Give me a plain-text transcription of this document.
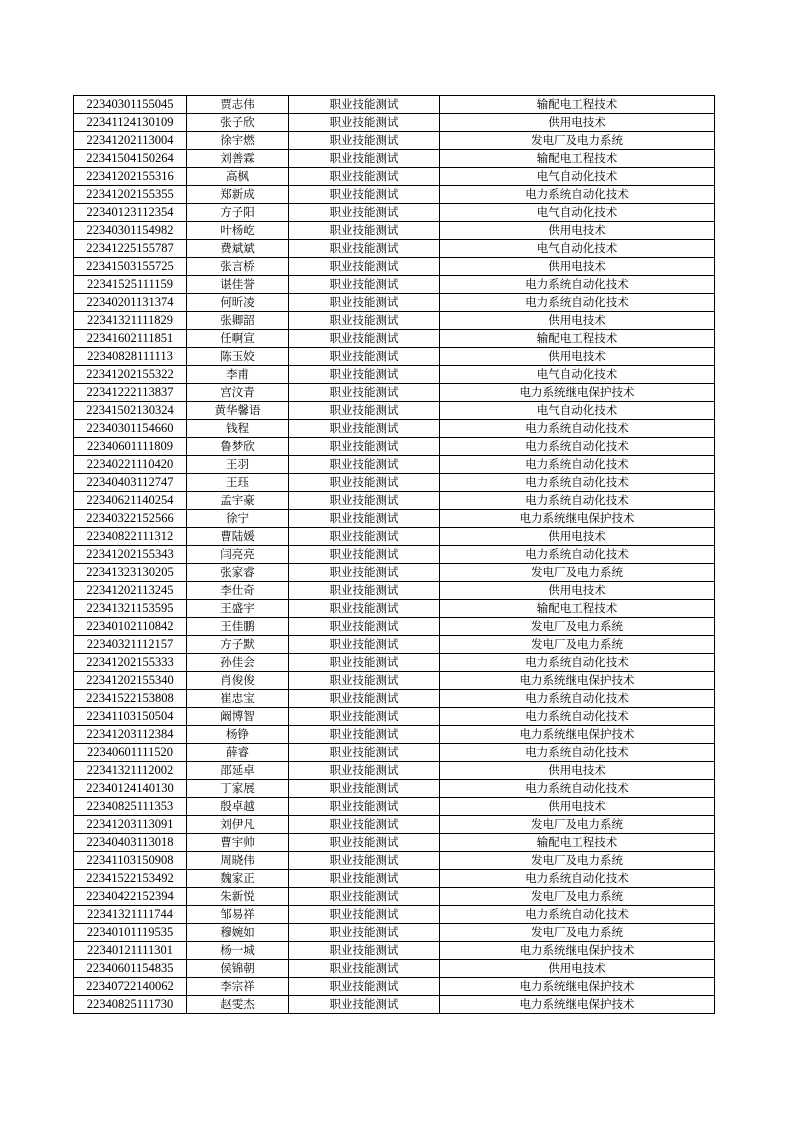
22340301155045	贾志伟	职业技能测试	输配电工程技术
22341124130109	张子欣	职业技能测试	供用电技术
22341202113004	徐宇燃	职业技能测试	发电厂及电力系统
22341504150264	刘善霖	职业技能测试	输配电工程技术
22341202155316	高枫	职业技能测试	电气自动化技术
22341202155355	郑新成	职业技能测试	电力系统自动化技术
22340123112354	方子阳	职业技能测试	电气自动化技术
22340301154982	叶杨屹	职业技能测试	供用电技术
22341225155787	费斌斌	职业技能测试	电气自动化技术
22341503155725	张言桥	职业技能测试	供用电技术
22341525111159	谌佳誉	职业技能测试	电力系统自动化技术
22340201131374	何昕凌	职业技能测试	电力系统自动化技术
22341321111829	张卿韶	职业技能测试	供用电技术
22341602111851	任啊宣	职业技能测试	输配电工程技术
22340828111113	陈玉姣	职业技能测试	供用电技术
22341202155322	李甫	职业技能测试	电气自动化技术
22341222113837	宫汶青	职业技能测试	电力系统继电保护技术
22341502130324	黄华馨语	职业技能测试	电气自动化技术
22340301154660	钱程	职业技能测试	电力系统自动化技术
22340601111809	鲁梦欣	职业技能测试	电力系统自动化技术
22340221110420	王羽	职业技能测试	电力系统自动化技术
22340403112747	王珏	职业技能测试	电力系统自动化技术
22340621140254	孟宇豪	职业技能测试	电力系统自动化技术
22340322152566	徐宁	职业技能测试	电力系统继电保护技术
22340822111312	曹陆媛	职业技能测试	供用电技术
22341202155343	闫亮亮	职业技能测试	电力系统自动化技术
22341323130205	张家睿	职业技能测试	发电厂及电力系统
22341202113245	李仕奇	职业技能测试	供用电技术
22341321153595	王盛宇	职业技能测试	输配电工程技术
22340102110842	王佳鹏	职业技能测试	发电厂及电力系统
22340321112157	方子默	职业技能测试	发电厂及电力系统
22341202155333	孙佳会	职业技能测试	电力系统自动化技术
22341202155340	肖俊俊	职业技能测试	电力系统继电保护技术
22341522153808	崔忠宝	职业技能测试	电力系统自动化技术
22341103150504	阚博智	职业技能测试	电力系统自动化技术
22341203112384	杨铮	职业技能测试	电力系统继电保护技术
22340601111520	薛睿	职业技能测试	电力系统自动化技术
22341321112002	邵延卓	职业技能测试	供用电技术
22340124140130	丁家展	职业技能测试	电力系统自动化技术
22340825111353	殷卓越	职业技能测试	供用电技术
22341203113091	刘伊凡	职业技能测试	发电厂及电力系统
22340403113018	曹宇帅	职业技能测试	输配电工程技术
22341103150908	周晓伟	职业技能测试	发电厂及电力系统
22341522153492	魏家正	职业技能测试	电力系统自动化技术
22340422152394	朱新悦	职业技能测试	发电厂及电力系统
22341321111744	邹易祥	职业技能测试	电力系统自动化技术
22340101119535	穆婉如	职业技能测试	发电厂及电力系统
22340121111301	杨一城	职业技能测试	电力系统继电保护技术
22340601154835	侯锦朝	职业技能测试	供用电技术
22340722140062	李宗祥	职业技能测试	电力系统继电保护技术
22340825111730	赵雯杰	职业技能测试	电力系统继电保护技术
